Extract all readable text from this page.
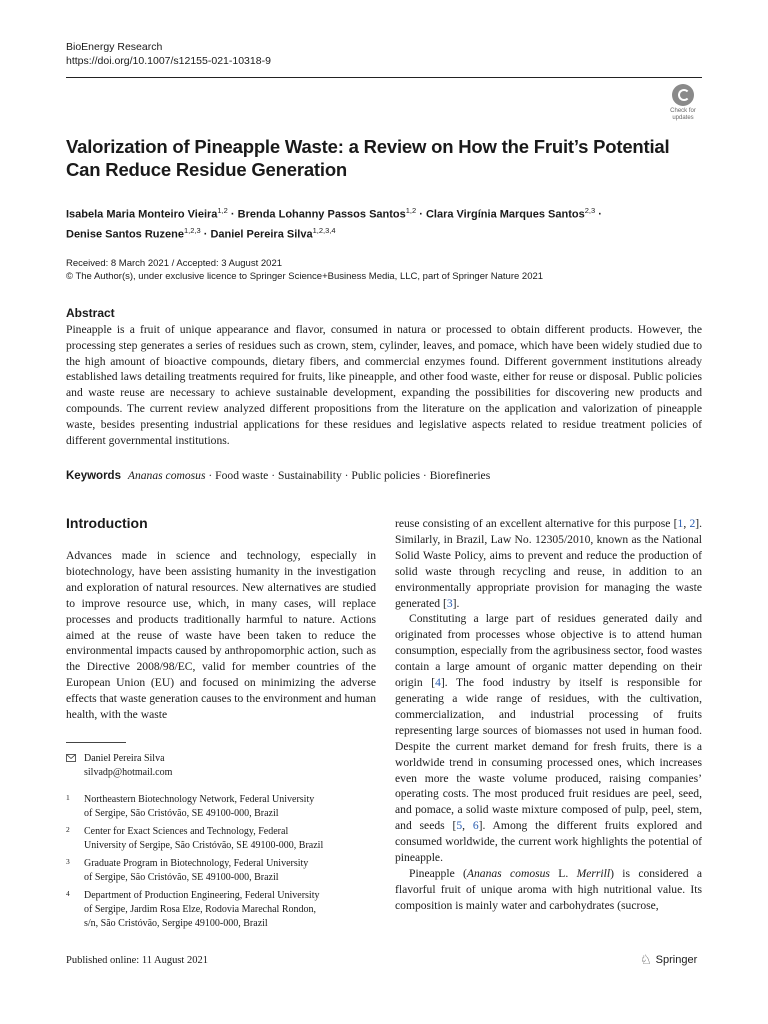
BioEnergy Research
https://doi.org/10.1007/s12155-021-10318-9
Check for
updates
Valorization of Pineapple Waste: a Review on How the Fruit’s Potential
Can Reduce Residue Generation
Isabela Maria Monteiro Vieira$^{1,2}$ · Brenda Lohanny Passos Santos$^{1,2}$ · Clara Virgínia Marques Santos$^{2,3}$ ·
Denise Santos Ruzene$^{1,2,3}$ · Daniel Pereira Silva$^{1,2,3,4}$
Received: 8 March 2021 / Accepted: 3 August 2021
© The Author(s), under exclusive licence to Springer Science+Business Media, LLC, part of Springer Nature 2021
Abstract
Pineapple is a fruit of unique appearance and flavor, consumed in natura or processed to obtain different products. However, the processing step generates a series of residues such as crown, stem, cylinder, leaves, and pomace, which have been widely studied due to the high amount of bioactive compounds, dietary fibers, and commercial enzymes found. Different government institutions already established laws detailing treatments required for fruits, like pineapple, and other food waste, either for reuse or disposal. Public policies and waste reuse are necessary to achieve sustainable development, expanding the possibilities for discovering new products and compounds. The current review analyzed different propositions from the literature on the application and valorization of pineapple waste, besides presenting industrial applications for these residues and legislative aspects related to residue treatment policies of different governmental institutions.
Keywords Ananas comosus · Food waste · Sustainability · Public policies · Biorefineries
Introduction
Advances made in science and technology, especially in biotechnology, have been assisting humanity in the investigation and exploration of natural resources. New alternatives are studied to improve resource use, which, in many cases, will replace processes and products traditionally harmful to nature. Actions aimed at the reuse of waste have been taken to reduce the environmental impacts caused by anthropomorphic action, such as the Directive 2008/98/EC, valid for member countries of the European Union (EU) and focused on minimizing the adverse effects that waste generation causes to the environment and human health, with the waste

reuse consisting of an excellent alternative for this purpose [1, 2]. Similarly, in Brazil, Law No. 12305/2010, known as the National Solid Waste Policy, aims to prevent and reduce the production of solid waste through recycling and reuse, in addition to an environmentally appropriate provision for managing the waste generated [3].

Constituting a large part of residues generated daily and originated from processes whose objective is to attend human consumption, especially from the agribusiness sector, food wastes contain a large amount of organic matter depending on their origin [4]. The food industry by itself is responsible for generating a wide range of residues, with the cultivation, commercialization, and industrial processing of fruits representing large sources of biomasses not used in human food. Despite the current market demand for fresh fruits, there is a worldwide trend in consuming processed ones, which increases even more the waste volume produced, raising companies’ operating costs. The most produced fruit residues are peel, seed, and pomace, a solid waste mixture composed of pulp, peel, stem, and seeds [5, 6]. Among the different fruits explored and consumed worldwide, the current work highlights the potential of pineapple.

Pineapple (Ananas comosus L. Merrill) is considered a flavorful fruit of unique aroma with high nutritional value. Its composition is mainly water and carbohydrates (sucrose,

Daniel Pereira Silva
silvadp@hotmail.com
1 Northeastern Biotechnology Network, Federal University
of Sergipe, São Cristóvão, SE 49100-000, Brazil
2 Center for Exact Sciences and Technology, Federal
University of Sergipe, São Cristóvão, SE 49100-000, Brazil
3 Graduate Program in Biotechnology, Federal University
of Sergipe, São Cristóvão, SE 49100-000, Brazil
4 Department of Production Engineering, Federal University
of Sergipe, Jardim Rosa Elze, Rodovia Marechal Rondon,
s/n, São Cristóvão, Sergipe 49100-000, Brazil
Published online: 11 August 2021	♘ Springer
